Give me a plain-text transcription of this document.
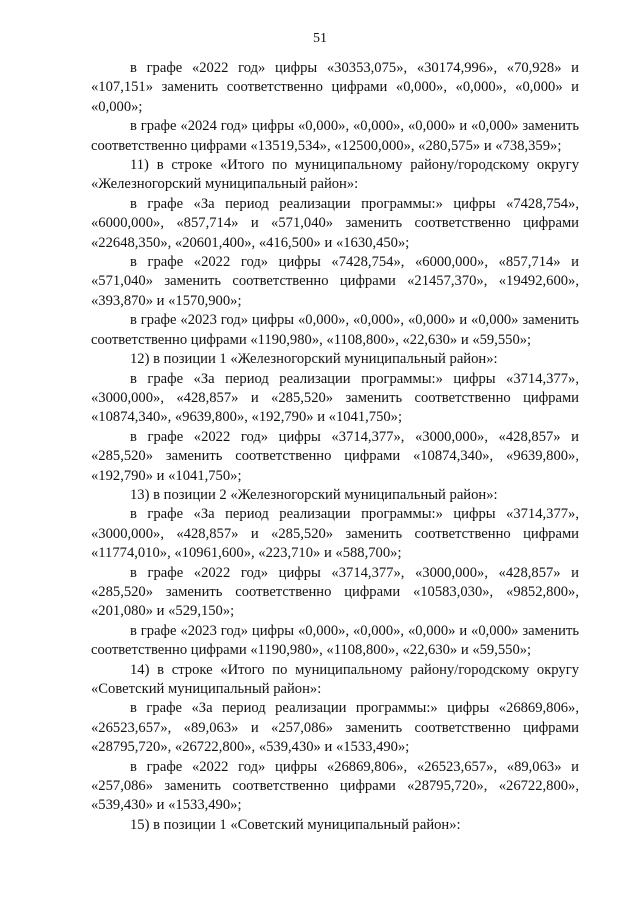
51

в графе «2022 год» цифры «30353,075», «30174,996», «70,928» и «107,151» заменить соответственно цифрами «0,000», «0,000», «0,000» и «0,000»;

в графе «2024 год» цифры «0,000», «0,000», «0,000» и «0,000» заменить соответственно цифрами «13519,534», «12500,000», «280,575» и «738,359»;

11) в строке «Итого по муниципальному району/городскому округу «Железногорский муниципальный район»:

в графе «За период реализации программы:» цифры «7428,754», «6000,000», «857,714» и «571,040» заменить соответственно цифрами «22648,350», «20601,400», «416,500» и «1630,450»;

в графе «2022 год» цифры «7428,754», «6000,000», «857,714» и «571,040» заменить соответственно цифрами «21457,370», «19492,600», «393,870» и «1570,900»;

в графе «2023 год» цифры «0,000», «0,000», «0,000» и «0,000» заменить соответственно цифрами «1190,980», «1108,800», «22,630» и «59,550»;

12) в позиции 1 «Железногорский муниципальный район»:

в графе «За период реализации программы:» цифры «3714,377», «3000,000», «428,857» и «285,520» заменить соответственно цифрами «10874,340», «9639,800», «192,790» и «1041,750»;

в графе «2022 год» цифры «3714,377», «3000,000», «428,857» и «285,520» заменить соответственно цифрами «10874,340», «9639,800», «192,790» и «1041,750»;

13) в позиции 2 «Железногорский муниципальный район»:

в графе «За период реализации программы:» цифры «3714,377», «3000,000», «428,857» и «285,520» заменить соответственно цифрами «11774,010», «10961,600», «223,710» и «588,700»;

в графе «2022 год» цифры «3714,377», «3000,000», «428,857» и «285,520» заменить соответственно цифрами «10583,030», «9852,800», «201,080» и «529,150»;

в графе «2023 год» цифры «0,000», «0,000», «0,000» и «0,000» заменить соответственно цифрами «1190,980», «1108,800», «22,630» и «59,550»;

14) в строке «Итого по муниципальному району/городскому округу «Советский муниципальный район»:

в графе «За период реализации программы:» цифры «26869,806», «26523,657», «89,063» и «257,086» заменить соответственно цифрами «28795,720», «26722,800», «539,430» и «1533,490»;

в графе «2022 год» цифры «26869,806», «26523,657», «89,063» и «257,086» заменить соответственно цифрами «28795,720», «26722,800», «539,430» и «1533,490»;

15) в позиции 1 «Советский муниципальный район»:
